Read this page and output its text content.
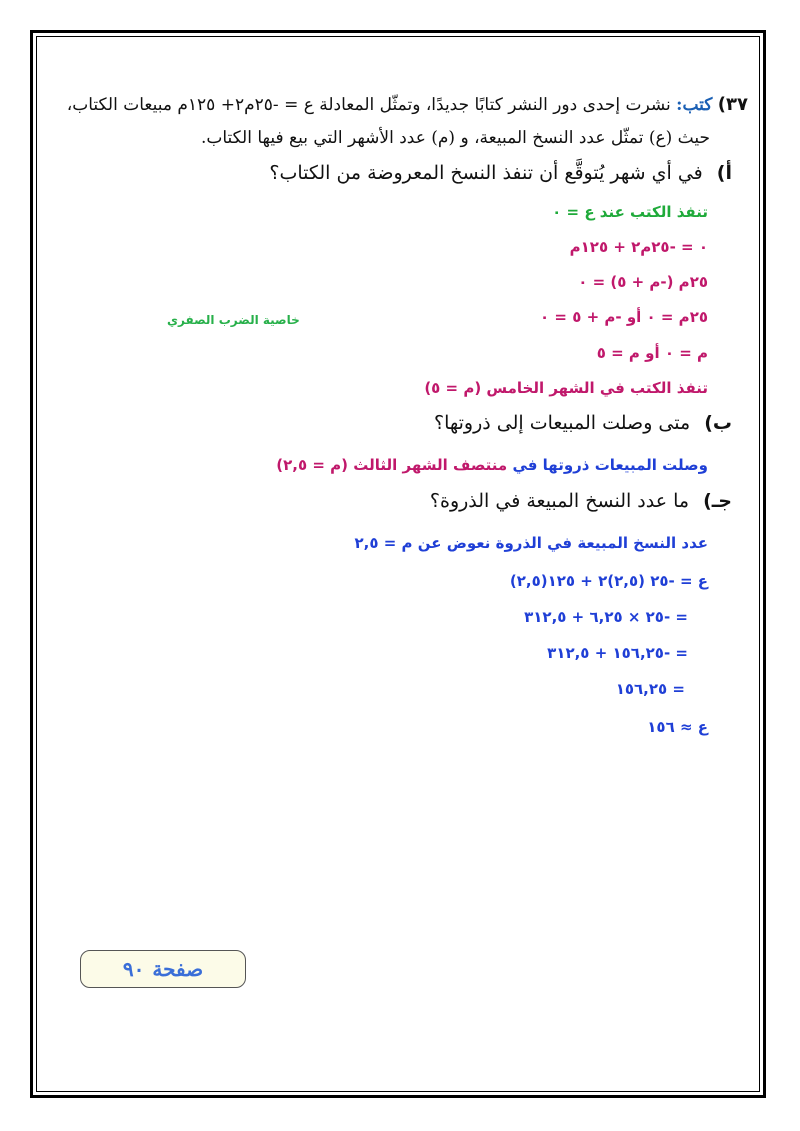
٣٧) كتب: نشرت إحدى دور النشر كتابًا جديدًا، وتمثّل المعادلة ع = -٢٥م٢+ ١٢٥م مبيعات الكتاب،
حيث (ع) تمثّل عدد النسخ المبيعة، و (م) عدد الأشهر التي بيع فيها الكتاب.
أ) في أي شهر يُتوقَّع أن تنفذ النسخ المعروضة من الكتاب؟
تنفذ الكتب عند ع = ٠
٠ = -٢٥م٢ + ١٢٥م
٢٥م (-م + ٥) = ٠
٢٥م = ٠ أو -م + ٥ = ٠
خاصية الضرب الصفري
م = ٠ أو م = ٥
تنفذ الكتب في الشهر الخامس (م = ٥)
ب) متى وصلت المبيعات إلى ذروتها؟
وصلت المبيعات ذروتها في منتصف الشهر الثالث (م = ٢,٥)
جـ) ما عدد النسخ المبيعة في الذروة؟
عدد النسخ المبيعة في الذروة نعوض عن م = ٢,٥
ع = -٢٥ (٢,٥)٢ + ١٢٥(٢,٥)
= -٢٥ × ٦,٢٥ + ٣١٢,٥
= -١٥٦,٢٥ + ٣١٢,٥
= ١٥٦,٢٥
ع ≈ ١٥٦
صفحة
٩٠
